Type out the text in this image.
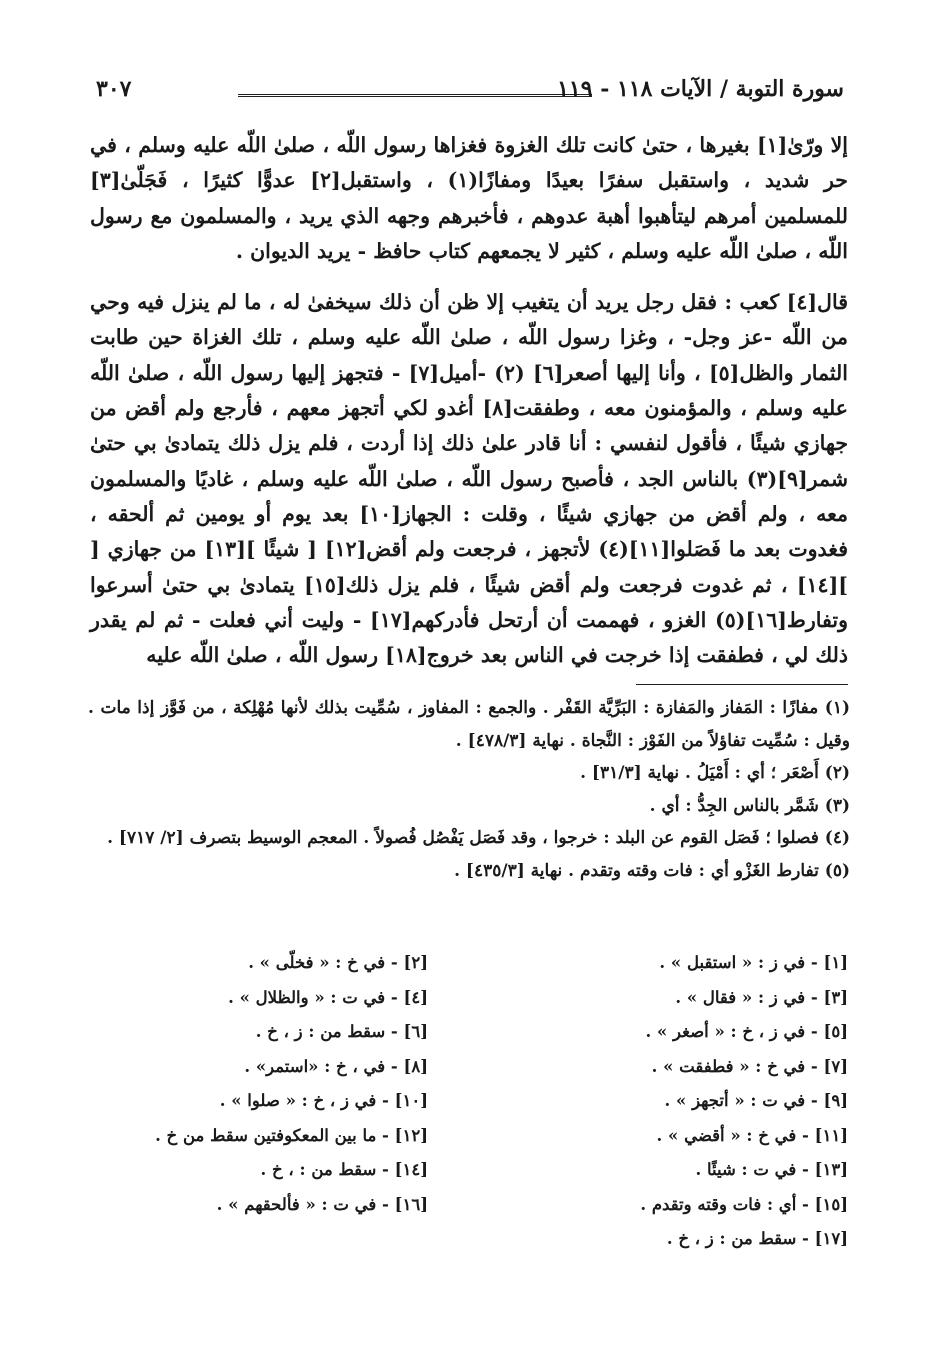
٣٠٧	سورة التوبة / الآيات ١١٨ - ١١٩

إلا ورّىٰ[١] بغيرها ، حتىٰ كانت تلك الغزوة فغزاها رسول اللّه ، صلىٰ اللّه عليه وسلم ، في حر شديد ، واستقبل سفرًا بعيدًا ومفازًا(١) ، واستقبل[٢] عدوًّا كثيرًا ، فَجَلّىٰ[٣] للمسلمين أمرهم ليتأهبوا أهبة عدوهم ، فأخبرهم وجهه الذي يريد ، والمسلمون مع رسول اللّه ، صلىٰ اللّه عليه وسلم ، كثير لا يجمعهم كتاب حافظ - يريد الديوان .

قال[٤] كعب : فقل رجل يريد أن يتغيب إلا ظن أن ذلك سيخفىٰ له ، ما لم ينزل فيه وحي من اللّه -عز وجل- ، وغزا رسول اللّه ، صلىٰ اللّه عليه وسلم ، تلك الغزاة حين طابت الثمار والظل[٥] ، وأنا إليها أصعر[٦] (٢) -أميل[٧] - فتجهز إليها رسول اللّه ، صلىٰ اللّه عليه وسلم ، والمؤمنون معه ، وطفقت[٨] أغدو لكي أتجهز معهم ، فأرجع ولم أقض من جهازي شيئًا ، فأقول لنفسي : أنا قادر علىٰ ذلك إذا أردت ، فلم يزل ذلك يتمادىٰ بي حتىٰ شمر[٩](٣) بالناس الجد ، فأصبح رسول اللّه ، صلىٰ اللّه عليه وسلم ، غاديًا والمسلمون معه ، ولم أقض من جهازي شيئًا ، وقلت : الجهاز[١٠] بعد يوم أو يومين ثم ألحقه ، فغدوت بعد ما فَصَلوا[١١](٤) لأتجهز ، فرجعت ولم أقض[١٢] [ شيئًا ][١٣] من جهازي [ ][١٤] ، ثم غدوت فرجعت ولم أقض شيئًا ، فلم يزل ذلك[١٥] يتمادىٰ بي حتىٰ أسرعوا وتفارط[١٦](٥) الغزو ، فهممت أن أرتحل فأدركهم[١٧] - وليت أني فعلت - ثم لم يقدر ذلك لي ، فطفقت إذا خرجت في الناس بعد خروج[١٨] رسول اللّه ، صلىٰ اللّه عليه

(١) مفازًا : المَفاز والمَفازة : البَرِّيَّة القَفْر . والجمع : المفاوز ، سُمِّيت بذلك لأنها مُهْلِكة ، من فَوَّز إذا مات . وقيل : سُمِّيت تفاؤلاً من الفَوْز : النَّجاة . نهاية [٤٧٨/٣] .

(٢) أَصْعَر ؛ أي : أَمْيَلُ . نهاية [٣١/٣] .

(٣) شَمَّر بالناس الجِدُّ : أي .

(٤) فصلوا ؛ فَصَل القوم عن البلد : خرجوا ، وقد فَصَل يَفْصُل فُصولاً . المعجم الوسيط بتصرف [٢/ ٧١٧] .

(٥) تفارط الغَزْو أي : فات وقته وتقدم . نهاية [٤٣٥/٣] .

[١] - في ز : « استقبل » .
[٣] - في ز : « فقال » .
[٥] - في ز ، خ : « أصغر » .
[٧] - في خ : « فطفقت » .
[٩] - في ت : « أتجهز » .
[١١] - في خ : « أقضي » .
[١٣] - في ت : شيئًا .
[١٥] - أي : فات وقته وتقدم .
[١٧] - سقط من : ز ، خ .
[٢] - في خ : « فخلّى » .
[٤] - في ت : « والظلال » .
[٦] - سقط من : ز ، خ .
[٨] - في ، خ : «استمر» .
[١٠] - في ز ، خ : « صلوا » .
[١٢] - ما بين المعكوفتين سقط من خ .
[١٤] - سقط من : ، خ .
[١٦] - في ت : « فألحقهم » .
